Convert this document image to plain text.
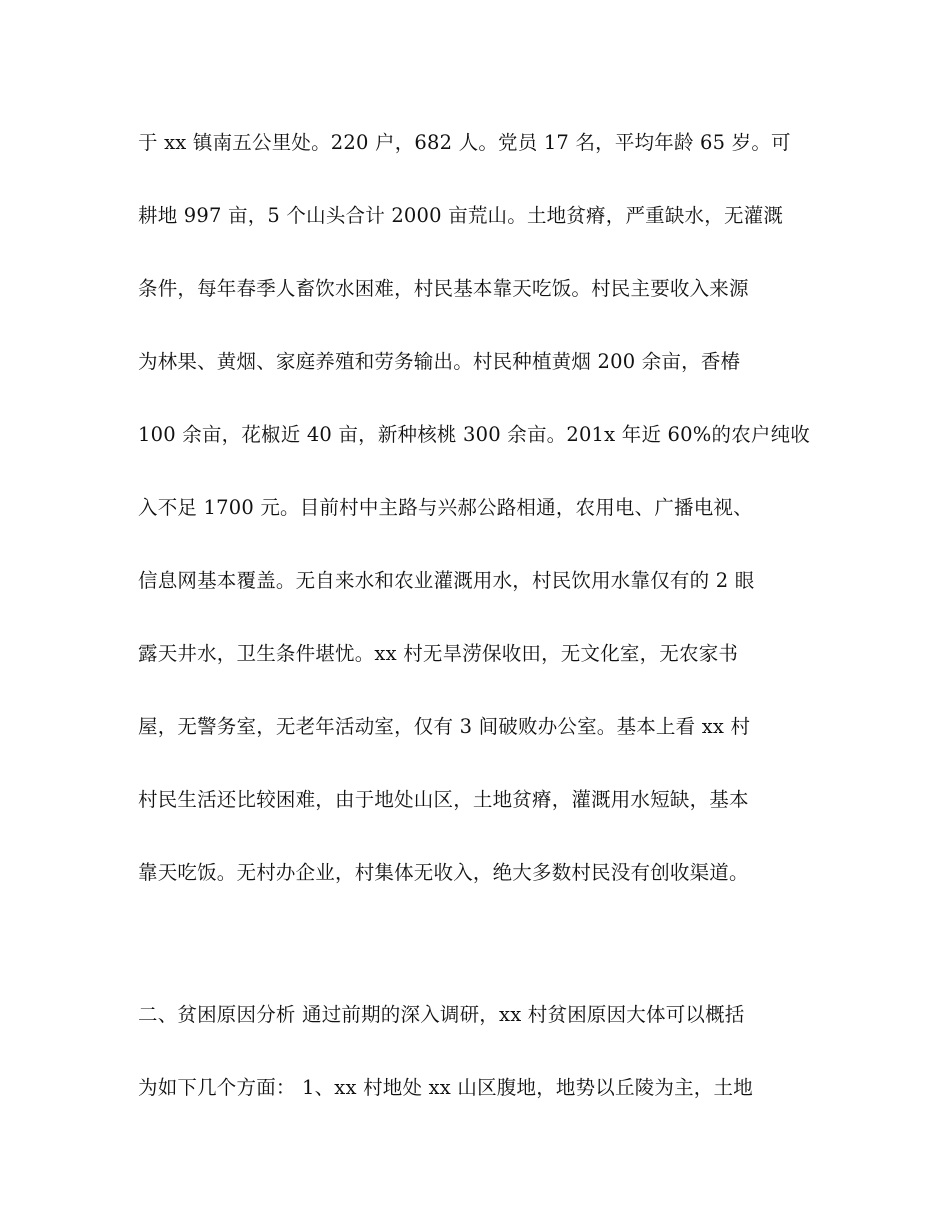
于 xx 镇南五公里处。220 户，682 人。党员 17 名，平均年龄 65 岁。可
耕地 997 亩，5 个山头合计 2000 亩荒山。土地贫瘠，严重缺水，无灌溉
条件，每年春季人畜饮水困难，村民基本靠天吃饭。村民主要收入来源
为林果、黄烟、家庭养殖和劳务输出。村民种植黄烟 200 余亩，香椿
100 余亩，花椒近 40 亩，新种核桃 300 余亩。201x 年近 60%的农户纯收
入不足 1700 元。目前村中主路与兴郝公路相通，农用电、广播电视、
信息网基本覆盖。无自来水和农业灌溉用水，村民饮用水靠仅有的 2 眼
露天井水，卫生条件堪忧。xx 村无旱涝保收田，无文化室，无农家书
屋，无警务室，无老年活动室，仅有 3 间破败办公室。基本上看 xx 村
村民生活还比较困难，由于地处山区，土地贫瘠，灌溉用水短缺，基本
靠天吃饭。无村办企业，村集体无收入，绝大多数村民没有创收渠道。
二、贫困原因分析 通过前期的深入调研，xx 村贫困原因大体可以概括
为如下几个方面： 1、xx 村地处 xx 山区腹地，地势以丘陵为主，土地
